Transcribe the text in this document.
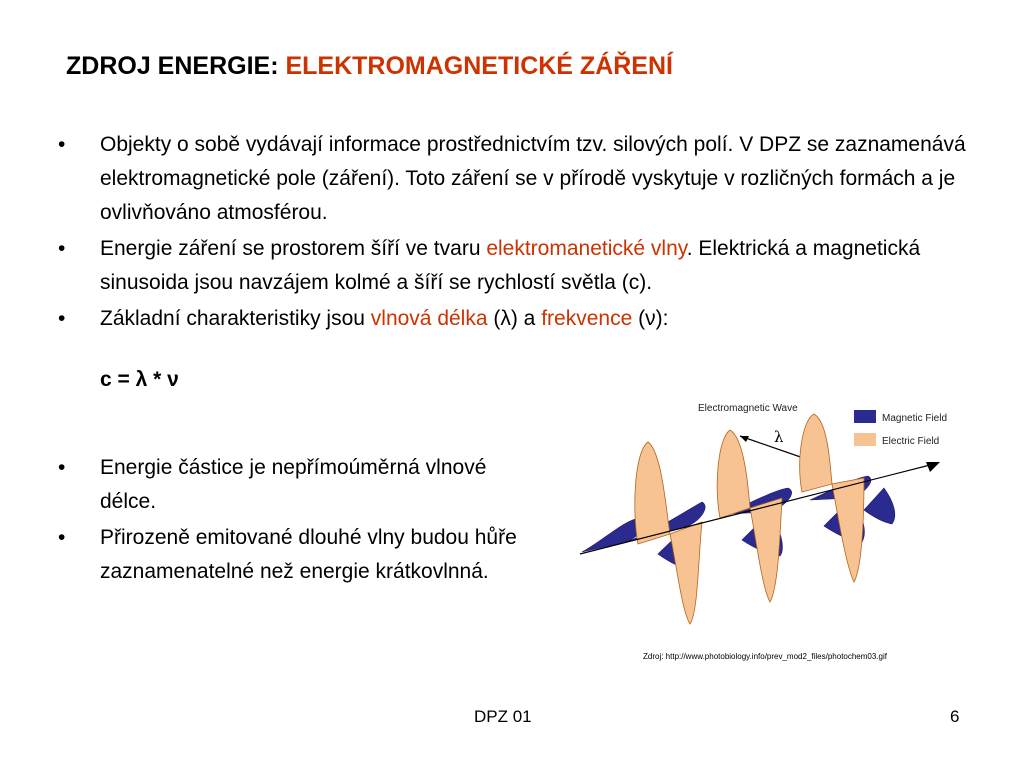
ZDROJ ENERGIE: ELEKTROMAGNETICKÉ ZÁŘENÍ
• Objekty o sobě vydávají informace prostřednictvím tzv. silových polí. V DPZ se zaznamenává elektromagnetické pole (záření). Toto záření se v přírodě vyskytuje v rozličných formách a je ovlivňováno atmosférou.
• Energie záření se prostorem šíří ve tvaru elektromanetické vlny. Elektrická a magnetická sinusoida jsou navzájem kolmé a šíří se rychlostí světla (c).
• Základní charakteristiky jsou vlnová délka (λ) a frekvence (ν):
c = λ * ν
• Energie částice je nepřímoúměrná vlnové délce.
• Přirozeně emitované dlouhé vlny budou hůře zaznamenatelné než energie krátkovlnná.
Electromagnetic Wave
Magnetic Field
Electric Field
λ
Zdroj: http://www.photobiology.info/prev_mod2_files/photochem03.gif
DPZ 01	6
